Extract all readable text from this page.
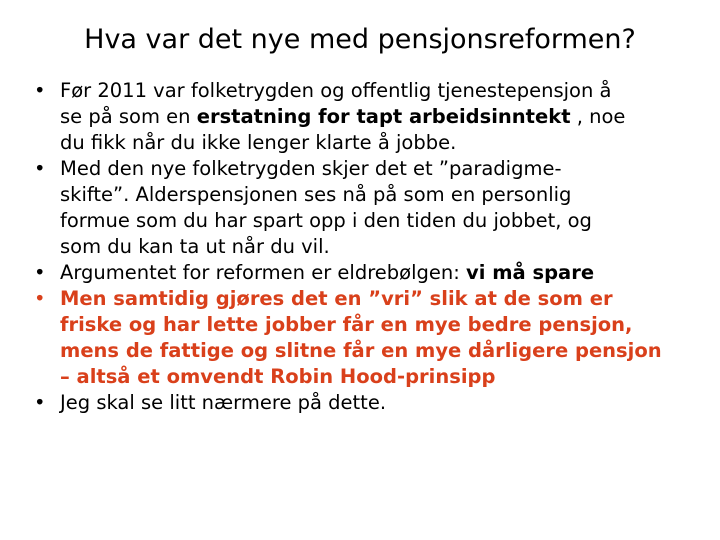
Hva var det nye med pensjonsreformen?
• Før 2011 var folketrygden og offentlig tjenestepensjon å
se på som en erstatning for tapt arbeidsinntekt , noe
du fikk når du ikke lenger klarte å jobbe.
• Med den nye folketrygden skjer det et ”paradigme-
skifte”. Alderspensjonen ses nå på som en personlig
formue som du har spart opp i den tiden du jobbet, og
som du kan ta ut når du vil.
• Argumentet for reformen er eldrebølgen: vi må spare
• Men samtidig gjøres det en ”vri” slik at de som er
friske og har lette jobber får en mye bedre pensjon,
mens de fattige og slitne får en mye dårligere pensjon
– altså et omvendt Robin Hood-prinsipp
• Jeg skal se litt nærmere på dette.
